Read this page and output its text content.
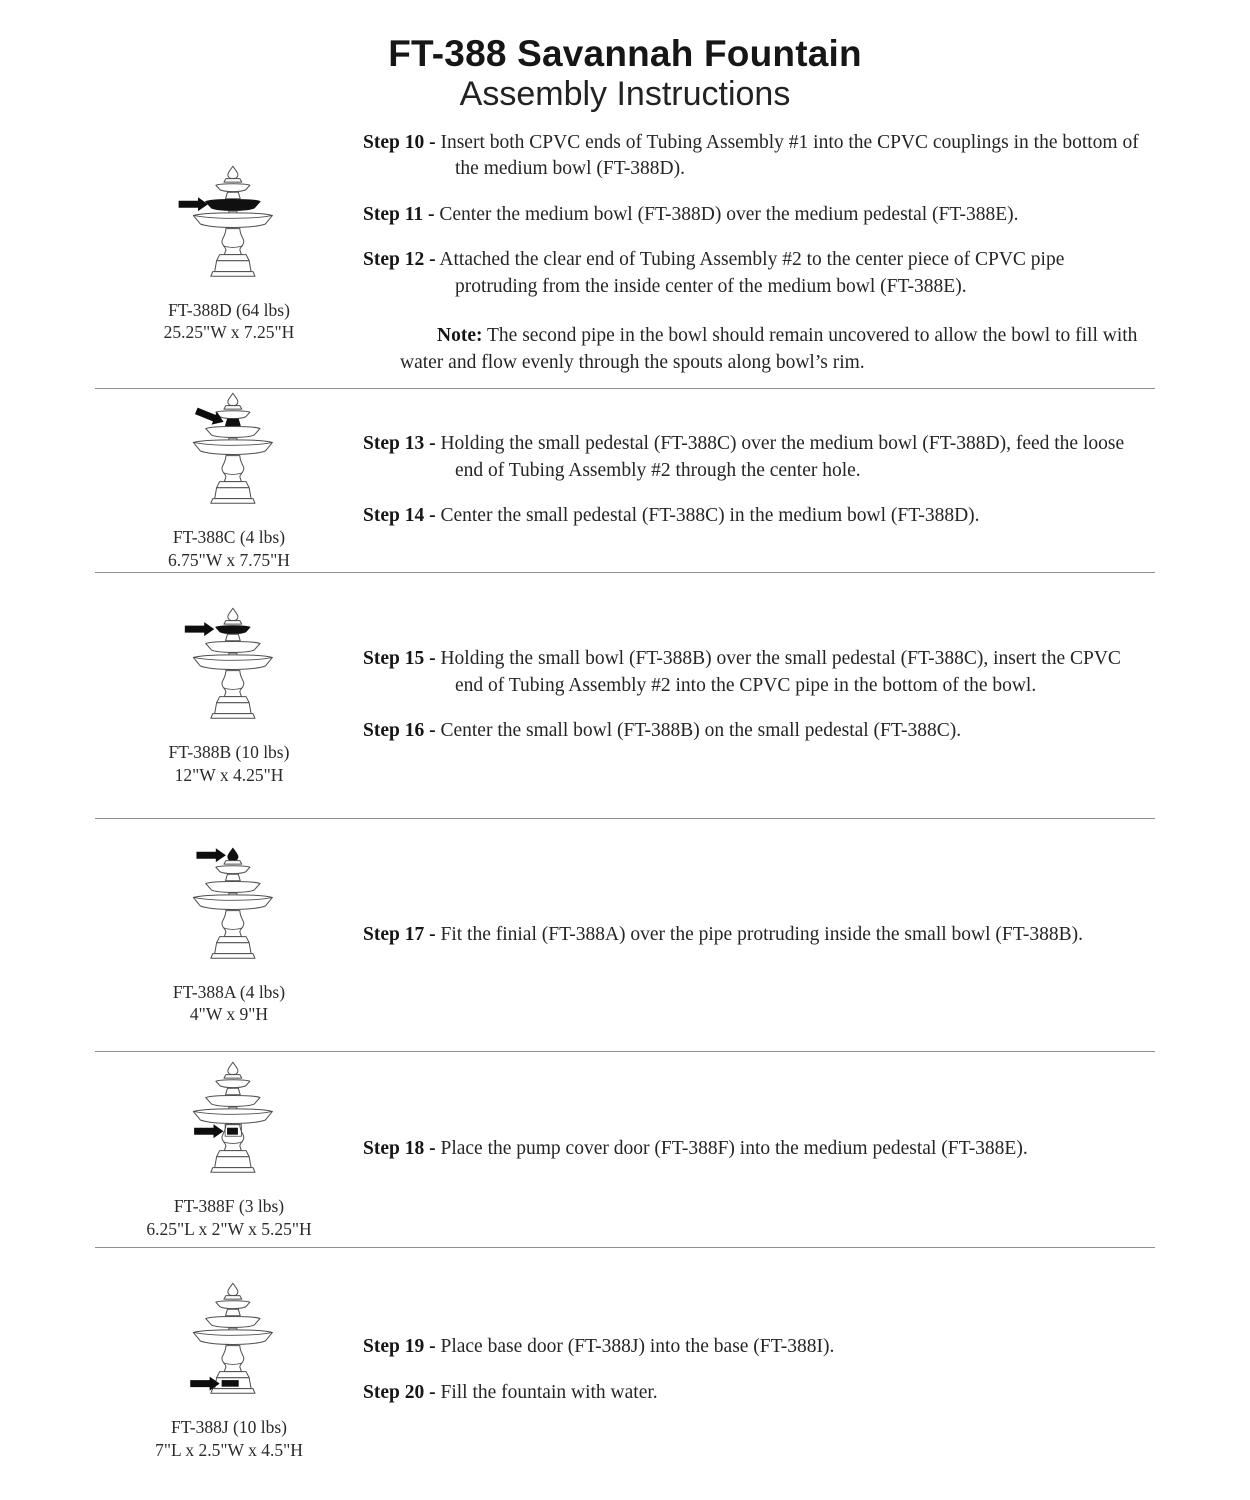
FT-388 Savannah Fountain
Assembly Instructions
FT-388D (64 lbs)
25.25"W x 7.25"H

Step 10 - Insert both CPVC ends of Tubing Assembly #1 into the CPVC couplings in the bottom of the medium bowl (FT-388D).

Step 11 - Center the medium bowl (FT-388D) over the medium pedestal (FT-388E).

Step 12 - Attached the clear end of Tubing Assembly #2 to the center piece of CPVC pipe protruding from the inside center of the medium bowl (FT-388E).

Note: The second pipe in the bowl should remain uncovered to allow the bowl to fill with water and flow evenly through the spouts along bowl’s rim.

FT-388C (4 lbs)
6.75"W x 7.75"H

Step 13 - Holding the small pedestal (FT-388C) over the medium bowl (FT-388D), feed the loose end of Tubing Assembly #2 through the center hole.

Step 14 - Center the small pedestal (FT-388C) in the medium bowl (FT-388D).

FT-388B (10 lbs)
12"W x 4.25"H

Step 15 - Holding the small bowl (FT-388B) over the small pedestal (FT-388C), insert the CPVC end of Tubing Assembly #2 into the CPVC pipe in the bottom of the bowl.

Step 16 - Center the small bowl (FT-388B) on the small pedestal (FT-388C).

FT-388A (4 lbs)
4"W x 9"H

Step 17 - Fit the finial (FT-388A) over the pipe protruding inside the small bowl (FT-388B).

FT-388F (3 lbs)
6.25"L x 2"W x 5.25"H

Step 18 - Place the pump cover door (FT-388F) into the medium pedestal (FT-388E).

FT-388J (10 lbs)
7"L x 2.5"W x 4.5"H

Step 19 - Place base door (FT-388J) into the base (FT-388I).

Step 20 - Fill the fountain with water.
